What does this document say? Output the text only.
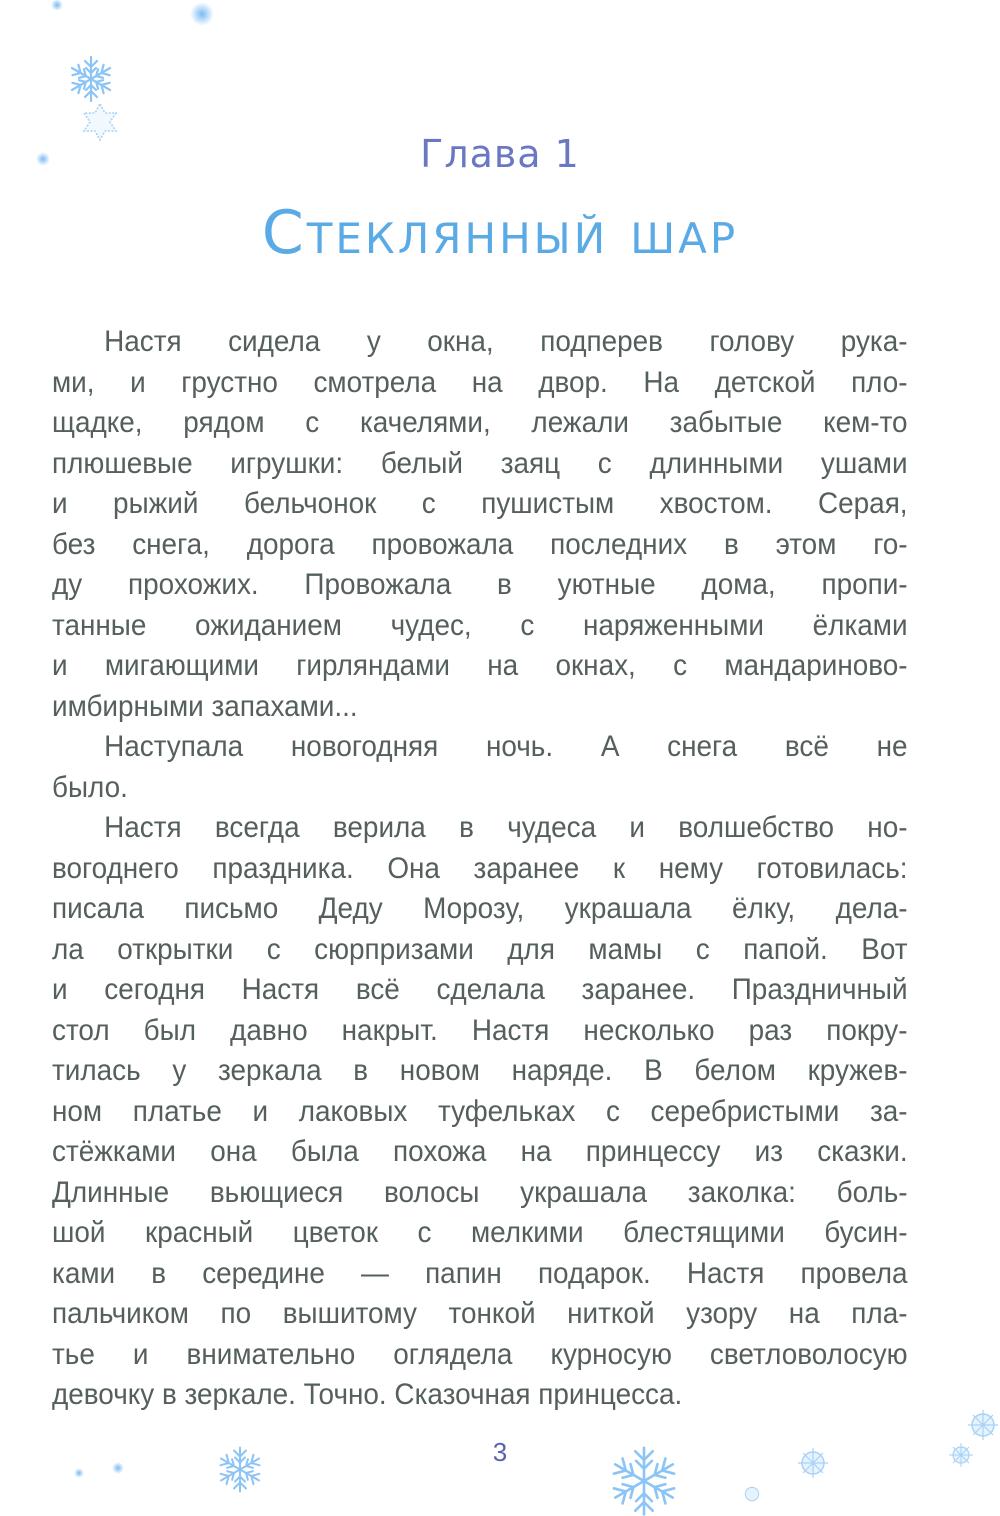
Глава 1
Стеклянный шар
Настя сидела у окна, подперев голову рука-
ми, и грустно смотрела на двор. На детской пло-
щадке, рядом с качелями, лежали забытые кем-то
плюшевые игрушки: белый заяц с длинными ушами
и рыжий бельчонок с пушистым хвостом. Серая,
без снега, дорога провожала последних в этом го-
ду прохожих. Провожала в уютные дома, пропи-
танные ожиданием чудес, с наряженными ёлками
и мигающими гирляндами на окнах, с мандариново-
имбирными запахами...
Наступала новогодняя ночь. А снега всё не
было.
Настя всегда верила в чудеса и волшебство но-
вогоднего праздника. Она заранее к нему готовилась:
писала письмо Деду Морозу, украшала ёлку, дела-
ла открытки с сюрпризами для мамы с папой. Вот
и сегодня Настя всё сделала заранее. Праздничный
стол был давно накрыт. Настя несколько раз покру-
тилась у зеркала в новом наряде. В белом кружев-
ном платье и лаковых туфельках с серебристыми за-
стёжками она была похожа на принцессу из сказки.
Длинные вьющиеся волосы украшала заколка: боль-
шой красный цветок с мелкими блестящими бусин-
ками в середине — папин подарок. Настя провела
пальчиком по вышитому тонкой ниткой узору на пла-
тье и внимательно оглядела курносую светловолосую
девочку в зеркале. Точно. Сказочная принцесса.
3
